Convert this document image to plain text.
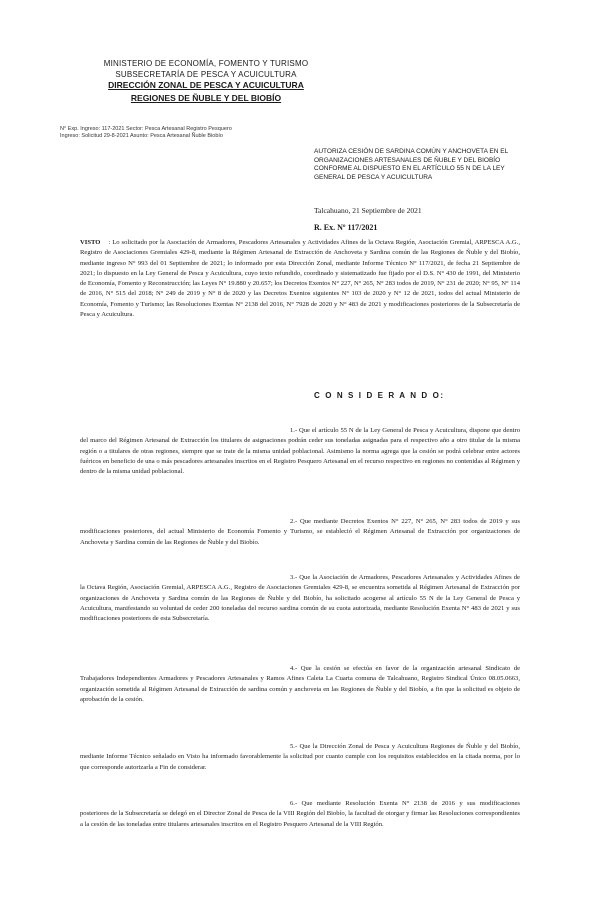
MINISTERIO DE ECONOMÍA, FOMENTO Y TURISMO
SUBSECRETARÍA DE PESCA Y ACUICULTURA
DIRECCIÓN ZONAL DE PESCA Y ACUICULTURA
REGIONES DE ÑUBLE Y DEL BIOBÍO
N° Exp. Ingreso: 117-2021 Sector: Pesca Artesanal Registro Pesquero
Ingreso: Solicitud 29-8-2021 Asunto: Pesca Artesanal Ñuble Biobío
AUTORIZA CESIÓN DE SARDINA COMÚN Y ANCHOVETA EN EL ORGANIZACIONES ARTESANALES DE ÑUBLE Y DEL BIOBÍO CONFORME AL DISPUESTO EN EL ARTÍCULO 55 N DE LA LEY GENERAL DE PESCA Y ACUICULTURA
Talcahuano, 21 Septiembre de 2021
R. Ex. Nº 117/2021
VISTO : Lo solicitado por la Asociación de Armadores, Pescadores Artesanales y Actividades Afines de la Octava Región, Asociación Gremial, ARPESCA A.G., Registro de Asociaciones Gremiales 429-8, mediante la Régimen Artesanal de Extracción de Anchoveta y Sardina común de las Regiones de Ñuble y del Biobío, mediante ingreso N° 993 del 01 Septiembre de 2021; lo informado por esta Dirección Zonal, mediante Informe Técnico N° 117/2021, de fecha 21 Septiembre de 2021; lo dispuesto en la Ley General de Pesca y Acuicultura, cuyo texto refundido, coordinado y sistematizado fue fijado por el D.S. N° 430 de 1991, del Ministerio de Economía, Fomento y Reconstrucción; las Leyes N° 19.880 y 20.657; los Decretos Exentos N° 227, N° 265, N° 283 todos de 2019, N° 231 de 2020; N° 95, N° 114 de 2016, N° 515 del 2018; N° 249 de 2019 y N° 8 de 2020 y las Decretos Exentos siguientes N° 103 de 2020 y N° 12 de 2021, todos del actual Ministerio de Economía, Fomento y Turismo; las Resoluciones Exentas N° 2138 del 2016, N° 7928 de 2020 y N° 483 de 2021 y modificaciones posteriores de la Subsecretaría de Pesca y Acuicultura.
C O N S I D E R A N D O:
1.- Que el artículo 55 N de la Ley General de Pesca y Acuicultura, dispone que dentro del marco del Régimen Artesanal de Extracción los titulares de asignaciones podrán ceder sus toneladas asignadas para el respectivo año a otro titular de la misma región o a titulares de otras regiones, siempre que se trate de la misma unidad poblacional. Asimismo la norma agrega que la cesión se podrá celebrar entre actores fuéricos en beneficio de una o más pescadores artesanales inscritos en el Registro Pesquero Artesanal en el recurso respectivo en regiones no contenidas al Régimen y dentro de la misma unidad poblacional.
2.- Que mediante Decretos Exentos N° 227, N° 265, N° 283 todos de 2019 y sus modificaciones posteriores, del actual Ministerio de Economía Fomento y Turismo, se estableció el Régimen Artesanal de Extracción por organizaciones de Anchoveta y Sardina común de las Regiones de Ñuble y del Biobío.
3.- Que la Asociación de Armadores, Pescadores Artesanales y Actividades Afines de la Octava Región, Asociación Gremial, ARPESCA A.G., Registro de Asociaciones Gremiales 429-8, se encuentra sometida al Régimen Artesanal de Extracción por organizaciones de Anchoveta y Sardina común de las Regiones de Ñuble y del Biobío, ha solicitado acogerse al artículo 55 N de la Ley General de Pesca y Acuicultura, manifestando su voluntad de ceder 200 toneladas del recurso sardina común de su cuota autorizada, mediante Resolución Exenta N° 483 de 2021 y sus modificaciones posteriores de esta Subsecretaría.
4.- Que la cesión se efectúa en favor de la organización artesanal Sindicato de Trabajadores Independientes Armadores y Pescadores Artesanales y Ramos Afines Caleta La Cuarta comuna de Talcahuano, Registro Sindical Único 08.05.0663, organización sometida al Régimen Artesanal de Extracción de sardina común y anchoveta en las Regiones de Ñuble y del Biobío, a fin que la solicitud es objeto de aprobación de la cesión.
5.- Que la Dirección Zonal de Pesca y Acuicultura Regiones de Ñuble y del Biobío, mediante Informe Técnico señalado en Visto ha informado favorablemente la solicitud por cuanto cumple con los requisitos establecidos en la citada norma, por lo que corresponde autorizarla a Fin de considerar.
6.- Que mediante Resolución Exenta N° 2138 de 2016 y sus modificaciones posteriores de la Subsecretaría se delegó en el Director Zonal de Pesca de la VIII Región del Biobío, la facultad de otorgar y firmar las Resoluciones correspondientes a la cesión de las toneladas entre titulares artesanales inscritos en el Registro Pesquero Artesanal de la VIII Región.
